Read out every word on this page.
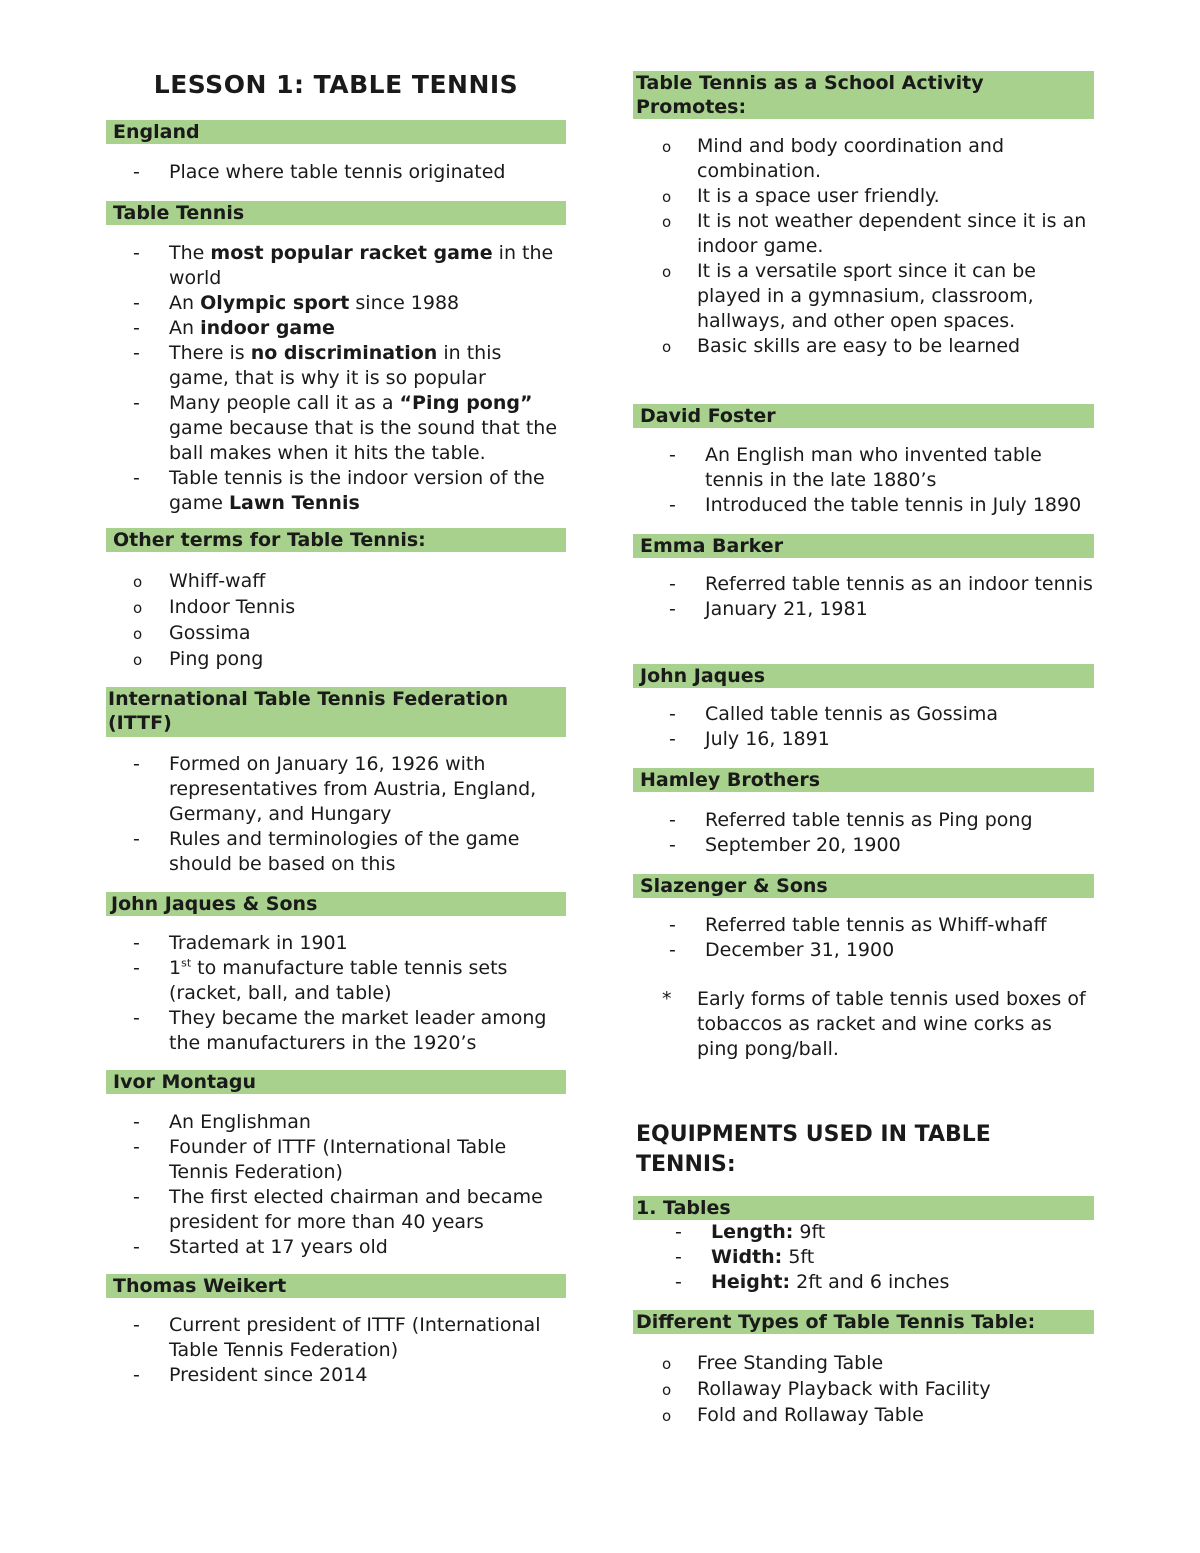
LESSON 1: TABLE TENNIS
England
-
Place where table tennis originated
Table Tennis
-
The most popular racket game in the world
-
An Olympic sport since 1988
-
An indoor game
-
There is no discrimination in this game, that is why it is so popular
-
Many people call it as a “Ping pong” game because that is the sound that the ball makes when it hits the table.
-
Table tennis is the indoor version of the game Lawn Tennis
Other terms for Table Tennis:
o
Whiff-waff
o
Indoor Tennis
o
Gossima
o
Ping pong
International Table Tennis Federation (ITTF)
-
Formed on January 16, 1926 with representatives from Austria, England, Germany, and Hungary
-
Rules and terminologies of the game should be based on this
John Jaques & Sons
-
Trademark in 1901
-
1st to manufacture table tennis sets (racket, ball, and table)
-
They became the market leader among the manufacturers in the 1920’s
Ivor Montagu
-
An Englishman
-
Founder of ITTF (International Table Tennis Federation)
-
The first elected chairman and became president for more than 40 years
-
Started at 17 years old
Thomas Weikert
-
Current president of ITTF (International Table Tennis Federation)
-
President since 2014
Table Tennis as a School Activity Promotes:
o
Mind and body coordination and combination.
o
It is a space user friendly.
o
It is not weather dependent since it is an indoor game.
o
It is a versatile sport since it can be played in a gymnasium, classroom, hallways, and other open spaces.
o
Basic skills are easy to be learned
David Foster
-
An English man who invented table tennis in the late 1880’s
-
Introduced the table tennis in July 1890
Emma Barker
-
Referred table tennis as an indoor tennis
-
January 21, 1981
John Jaques
-
Called table tennis as Gossima
-
July 16, 1891
Hamley Brothers
-
Referred table tennis as Ping pong
-
September 20, 1900
Slazenger & Sons
-
Referred table tennis as Whiff-whaff
-
December 31, 1900
*
Early forms of table tennis used boxes of tobaccos as racket and wine corks as ping pong/ball.
EQUIPMENTS USED IN TABLE TENNIS:
1. Tables
-
Length: 9ft
-
Width: 5ft
-
Height: 2ft and 6 inches
Different Types of Table Tennis Table:
o
Free Standing Table
o
Rollaway Playback with Facility
o
Fold and Rollaway Table
